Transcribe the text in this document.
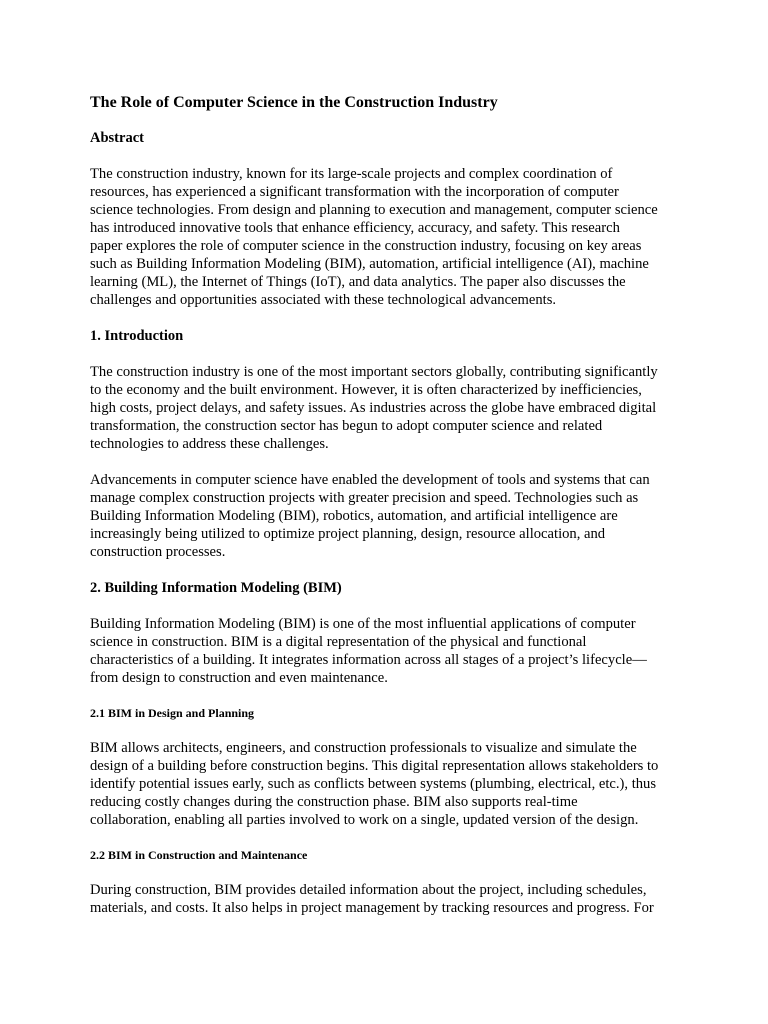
The Role of Computer Science in the Construction Industry
Abstract
The construction industry, known for its large-scale projects and complex coordination of
resources, has experienced a significant transformation with the incorporation of computer
science technologies. From design and planning to execution and management, computer science
has introduced innovative tools that enhance efficiency, accuracy, and safety. This research
paper explores the role of computer science in the construction industry, focusing on key areas
such as Building Information Modeling (BIM), automation, artificial intelligence (AI), machine
learning (ML), the Internet of Things (IoT), and data analytics. The paper also discusses the
challenges and opportunities associated with these technological advancements.
1. Introduction
The construction industry is one of the most important sectors globally, contributing significantly
to the economy and the built environment. However, it is often characterized by inefficiencies,
high costs, project delays, and safety issues. As industries across the globe have embraced digital
transformation, the construction sector has begun to adopt computer science and related
technologies to address these challenges.
Advancements in computer science have enabled the development of tools and systems that can
manage complex construction projects with greater precision and speed. Technologies such as
Building Information Modeling (BIM), robotics, automation, and artificial intelligence are
increasingly being utilized to optimize project planning, design, resource allocation, and
construction processes.
2. Building Information Modeling (BIM)
Building Information Modeling (BIM) is one of the most influential applications of computer
science in construction. BIM is a digital representation of the physical and functional
characteristics of a building. It integrates information across all stages of a project’s lifecycle—
from design to construction and even maintenance.
2.1 BIM in Design and Planning
BIM allows architects, engineers, and construction professionals to visualize and simulate the
design of a building before construction begins. This digital representation allows stakeholders to
identify potential issues early, such as conflicts between systems (plumbing, electrical, etc.), thus
reducing costly changes during the construction phase. BIM also supports real-time
collaboration, enabling all parties involved to work on a single, updated version of the design.
2.2 BIM in Construction and Maintenance
During construction, BIM provides detailed information about the project, including schedules,
materials, and costs. It also helps in project management by tracking resources and progress. For
